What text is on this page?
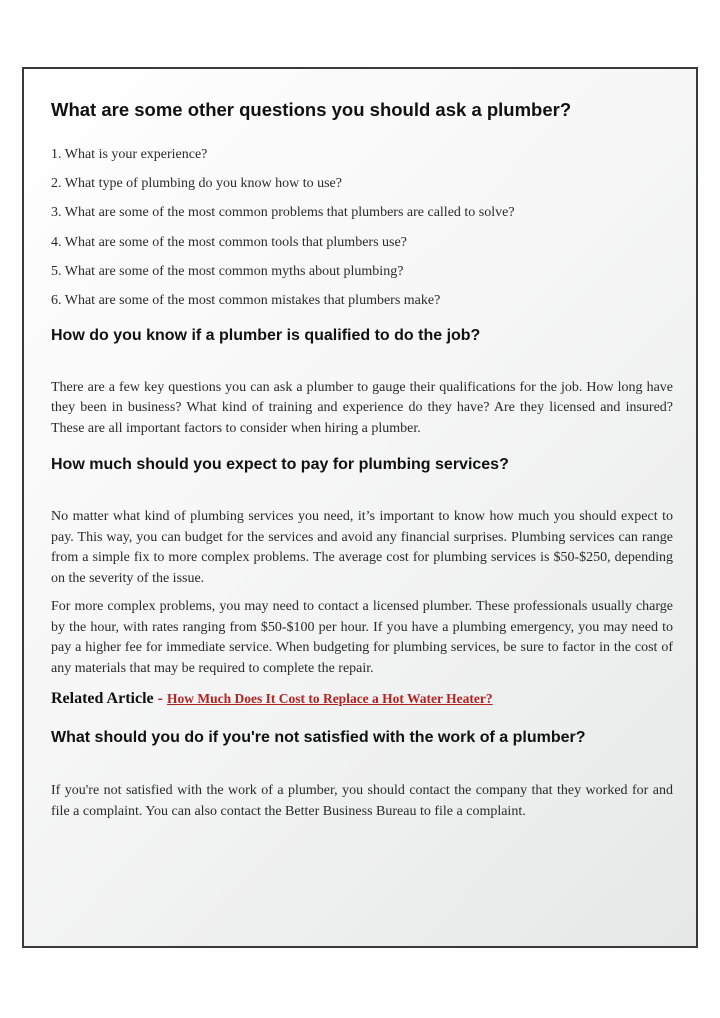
What are some other questions you should ask a plumber?
1. What is your experience?
2. What type of plumbing do you know how to use?
3. What are some of the most common problems that plumbers are called to solve?
4. What are some of the most common tools that plumbers use?
5. What are some of the most common myths about plumbing?
6. What are some of the most common mistakes that plumbers make?
How do you know if a plumber is qualified to do the job?

There are a few key questions you can ask a plumber to gauge their qualifications for the job. How long have they been in business? What kind of training and experience do they have? Are they licensed and insured? These are all important factors to consider when hiring a plumber.

How much should you expect to pay for plumbing services?

No matter what kind of plumbing services you need, it’s important to know how much you should expect to pay. This way, you can budget for the services and avoid any financial surprises. Plumbing services can range from a simple fix to more complex problems. The average cost for plumbing services is $50-$250, depending on the severity of the issue.

For more complex problems, you may need to contact a licensed plumber. These professionals usually charge by the hour, with rates ranging from $50-$100 per hour. If you have a plumbing emergency, you may need to pay a higher fee for immediate service. When budgeting for plumbing services, be sure to factor in the cost of any materials that may be required to complete the repair.

Related Article - How Much Does It Cost to Replace a Hot Water Heater?
What should you do if you're not satisfied with the work of a plumber?

If you're not satisfied with the work of a plumber, you should contact the company that they worked for and file a complaint. You can also contact the Better Business Bureau to file a complaint.
